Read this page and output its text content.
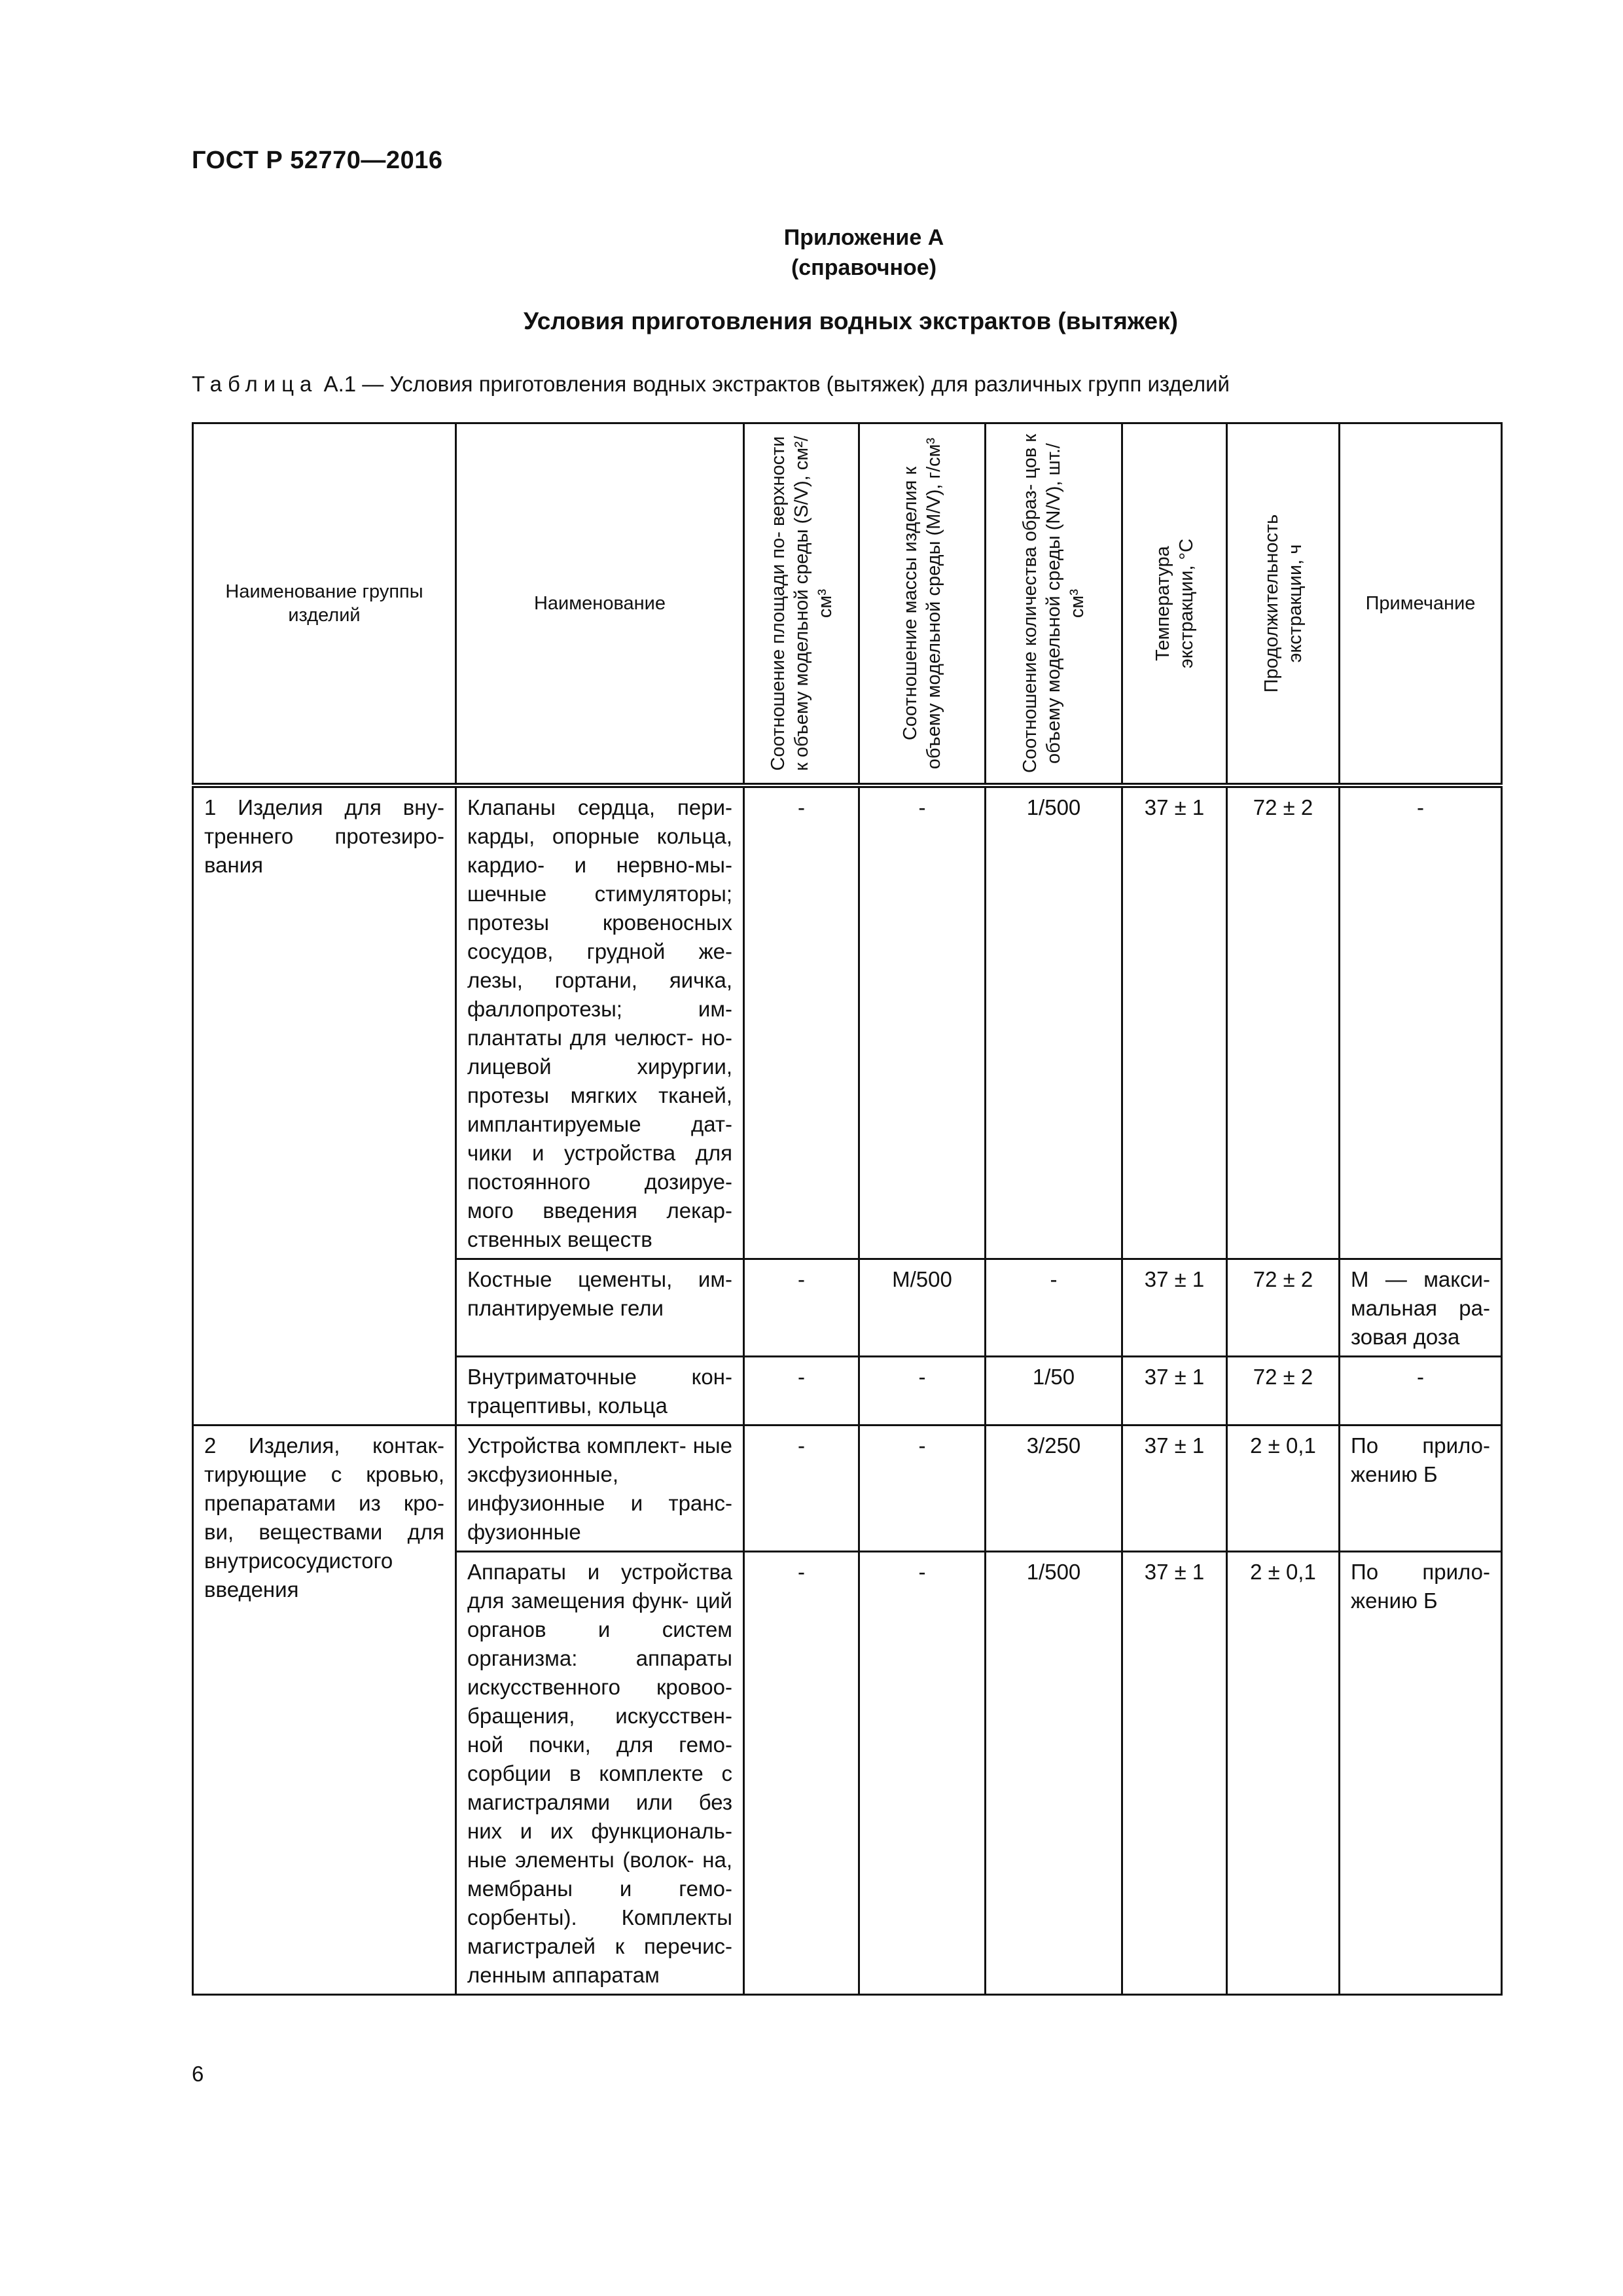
ГОСТ Р 52770—2016
Приложение А
(справочное)
Условия приготовления водных экстрактов (вытяжек)
Таблица А.1 — Условия приготовления водных экстрактов (вытяжек) для различных групп изделий
Наименование группы изделий	Наименование	Соотношение площади по- верхности к объему модельной среды (S/V), см²/см³	Соотношение массы изделия к объему модельной среды (M/V), г/см³	Соотношение количества образ- цов к объему модельной среды (N/V), шт./см³	Температура экстракции, °С	Продолжительность экстракции, ч	Примечание
1 Изделия для вну- треннего протезиро- вания	Клапаны сердца, пери- карды, опорные кольца, кардио- и нервно-мы- шечные стимуляторы; протезы кровеносных сосудов, грудной же- лезы, гортани, яичка, фаллопротезы; им- плантаты для челюст- но-лицевой хирургии, протезы мягких тканей, имплантируемые дат- чики и устройства для постоянного дозируе- мого введения лекар- ственных веществ	-	-	1/500	37 ± 1	72 ± 2	-
	Костные цементы, им- плантируемые гели	-	M/500	-	37 ± 1	72 ± 2	M — макси- мальная ра- зовая доза
	Внутриматочные кон- трацептивы, кольца	-	-	1/50	37 ± 1	72 ± 2	-
2 Изделия, контак- тирующие с кровью, препаратами из кро- ви, веществами для внутрисосудистого введения	Устройства комплект- ные эксфузионные, инфузионные и транс- фузионные	-	-	3/250	37 ± 1	2 ± 0,1	По прило- жению Б
	Аппараты и устройства для замещения функ- ций органов и систем организма: аппараты искусственного кровоо- бращения, искусствен- ной почки, для гемо- сорбции в комплекте с магистралями или без них и их функциональ- ные элементы (волок- на, мембраны и гемо- сорбенты). Комплекты магистралей к перечис- ленным аппаратам	-	-	1/500	37 ± 1	2 ± 0,1	По прило- жению Б
6
